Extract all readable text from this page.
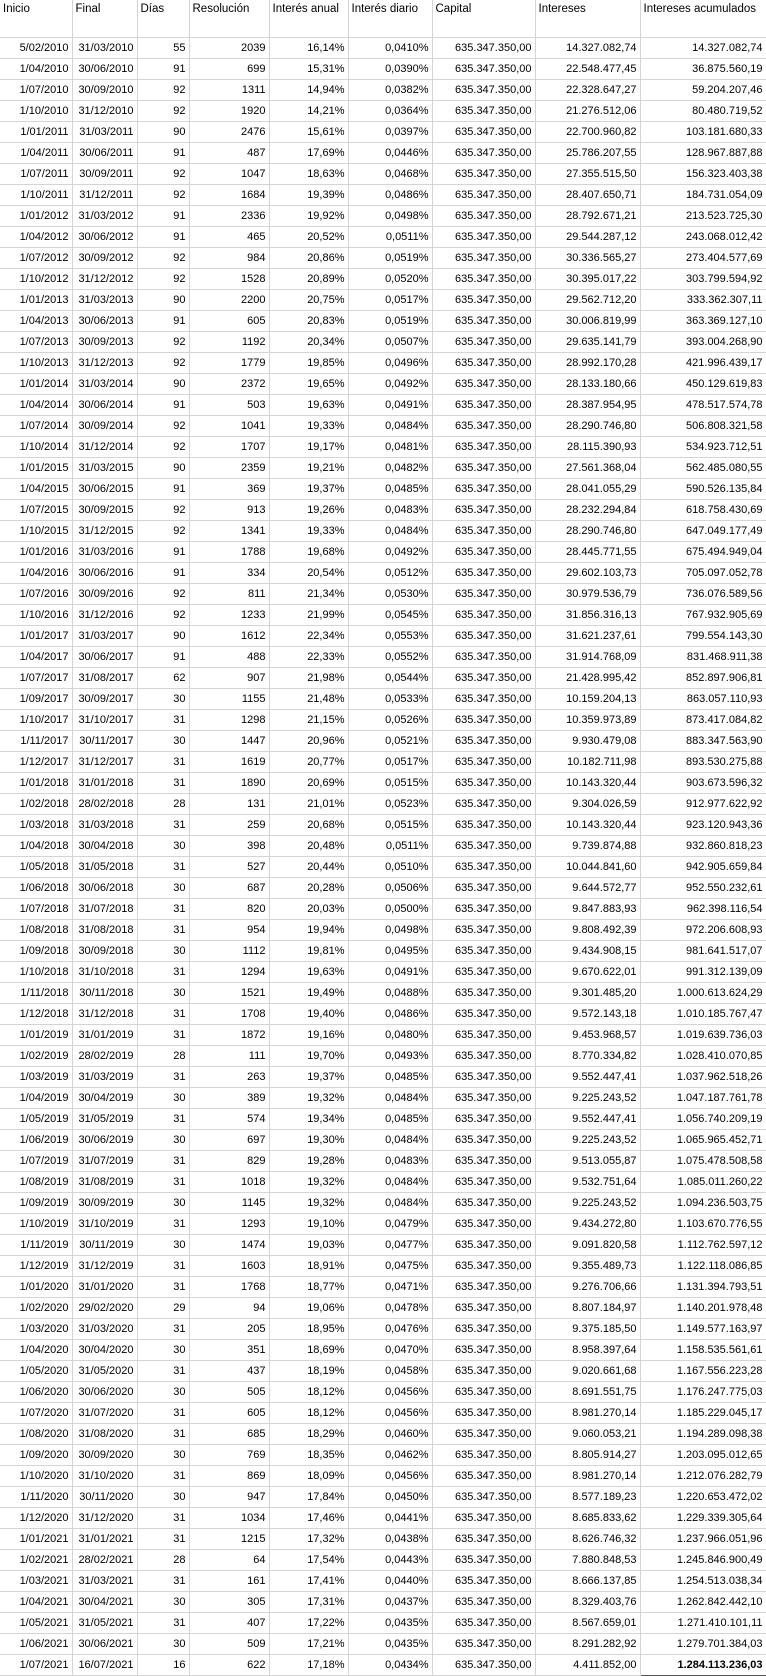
Inicio	Final	Días	Resolución	Interés anual	Interés diario	Capital	Intereses	Intereses acumulados
5/02/2010	31/03/2010	55	2039	16,14%	0,0410%	635.347.350,00	14.327.082,74	14.327.082,74
1/04/2010	30/06/2010	91	699	15,31%	0,0390%	635.347.350,00	22.548.477,45	36.875.560,19
1/07/2010	30/09/2010	92	1311	14,94%	0,0382%	635.347.350,00	22.328.647,27	59.204.207,46
1/10/2010	31/12/2010	92	1920	14,21%	0,0364%	635.347.350,00	21.276.512,06	80.480.719,52
1/01/2011	31/03/2011	90	2476	15,61%	0,0397%	635.347.350,00	22.700.960,82	103.181.680,33
1/04/2011	30/06/2011	91	487	17,69%	0,0446%	635.347.350,00	25.786.207,55	128.967.887,88
1/07/2011	30/09/2011	92	1047	18,63%	0,0468%	635.347.350,00	27.355.515,50	156.323.403,38
1/10/2011	31/12/2011	92	1684	19,39%	0,0486%	635.347.350,00	28.407.650,71	184.731.054,09
1/01/2012	31/03/2012	91	2336	19,92%	0,0498%	635.347.350,00	28.792.671,21	213.523.725,30
1/04/2012	30/06/2012	91	465	20,52%	0,0511%	635.347.350,00	29.544.287,12	243.068.012,42
1/07/2012	30/09/2012	92	984	20,86%	0,0519%	635.347.350,00	30.336.565,27	273.404.577,69
1/10/2012	31/12/2012	92	1528	20,89%	0,0520%	635.347.350,00	30.395.017,22	303.799.594,92
1/01/2013	31/03/2013	90	2200	20,75%	0,0517%	635.347.350,00	29.562.712,20	333.362.307,11
1/04/2013	30/06/2013	91	605	20,83%	0,0519%	635.347.350,00	30.006.819,99	363.369.127,10
1/07/2013	30/09/2013	92	1192	20,34%	0,0507%	635.347.350,00	29.635.141,79	393.004.268,90
1/10/2013	31/12/2013	92	1779	19,85%	0,0496%	635.347.350,00	28.992.170,28	421.996.439,17
1/01/2014	31/03/2014	90	2372	19,65%	0,0492%	635.347.350,00	28.133.180,66	450.129.619,83
1/04/2014	30/06/2014	91	503	19,63%	0,0491%	635.347.350,00	28.387.954,95	478.517.574,78
1/07/2014	30/09/2014	92	1041	19,33%	0,0484%	635.347.350,00	28.290.746,80	506.808.321,58
1/10/2014	31/12/2014	92	1707	19,17%	0,0481%	635.347.350,00	28.115.390,93	534.923.712,51
1/01/2015	31/03/2015	90	2359	19,21%	0,0482%	635.347.350,00	27.561.368,04	562.485.080,55
1/04/2015	30/06/2015	91	369	19,37%	0,0485%	635.347.350,00	28.041.055,29	590.526.135,84
1/07/2015	30/09/2015	92	913	19,26%	0,0483%	635.347.350,00	28.232.294,84	618.758.430,69
1/10/2015	31/12/2015	92	1341	19,33%	0,0484%	635.347.350,00	28.290.746,80	647.049.177,49
1/01/2016	31/03/2016	91	1788	19,68%	0,0492%	635.347.350,00	28.445.771,55	675.494.949,04
1/04/2016	30/06/2016	91	334	20,54%	0,0512%	635.347.350,00	29.602.103,73	705.097.052,78
1/07/2016	30/09/2016	92	811	21,34%	0,0530%	635.347.350,00	30.979.536,79	736.076.589,56
1/10/2016	31/12/2016	92	1233	21,99%	0,0545%	635.347.350,00	31.856.316,13	767.932.905,69
1/01/2017	31/03/2017	90	1612	22,34%	0,0553%	635.347.350,00	31.621.237,61	799.554.143,30
1/04/2017	30/06/2017	91	488	22,33%	0,0552%	635.347.350,00	31.914.768,09	831.468.911,38
1/07/2017	31/08/2017	62	907	21,98%	0,0544%	635.347.350,00	21.428.995,42	852.897.906,81
1/09/2017	30/09/2017	30	1155	21,48%	0,0533%	635.347.350,00	10.159.204,13	863.057.110,93
1/10/2017	31/10/2017	31	1298	21,15%	0,0526%	635.347.350,00	10.359.973,89	873.417.084,82
1/11/2017	30/11/2017	30	1447	20,96%	0,0521%	635.347.350,00	9.930.479,08	883.347.563,90
1/12/2017	31/12/2017	31	1619	20,77%	0,0517%	635.347.350,00	10.182.711,98	893.530.275,88
1/01/2018	31/01/2018	31	1890	20,69%	0,0515%	635.347.350,00	10.143.320,44	903.673.596,32
1/02/2018	28/02/2018	28	131	21,01%	0,0523%	635.347.350,00	9.304.026,59	912.977.622,92
1/03/2018	31/03/2018	31	259	20,68%	0,0515%	635.347.350,00	10.143.320,44	923.120.943,36
1/04/2018	30/04/2018	30	398	20,48%	0,0511%	635.347.350,00	9.739.874,88	932.860.818,23
1/05/2018	31/05/2018	31	527	20,44%	0,0510%	635.347.350,00	10.044.841,60	942.905.659,84
1/06/2018	30/06/2018	30	687	20,28%	0,0506%	635.347.350,00	9.644.572,77	952.550.232,61
1/07/2018	31/07/2018	31	820	20,03%	0,0500%	635.347.350,00	9.847.883,93	962.398.116,54
1/08/2018	31/08/2018	31	954	19,94%	0,0498%	635.347.350,00	9.808.492,39	972.206.608,93
1/09/2018	30/09/2018	30	1112	19,81%	0,0495%	635.347.350,00	9.434.908,15	981.641.517,07
1/10/2018	31/10/2018	31	1294	19,63%	0,0491%	635.347.350,00	9.670.622,01	991.312.139,09
1/11/2018	30/11/2018	30	1521	19,49%	0,0488%	635.347.350,00	9.301.485,20	1.000.613.624,29
1/12/2018	31/12/2018	31	1708	19,40%	0,0486%	635.347.350,00	9.572.143,18	1.010.185.767,47
1/01/2019	31/01/2019	31	1872	19,16%	0,0480%	635.347.350,00	9.453.968,57	1.019.639.736,03
1/02/2019	28/02/2019	28	111	19,70%	0,0493%	635.347.350,00	8.770.334,82	1.028.410.070,85
1/03/2019	31/03/2019	31	263	19,37%	0,0485%	635.347.350,00	9.552.447,41	1.037.962.518,26
1/04/2019	30/04/2019	30	389	19,32%	0,0484%	635.347.350,00	9.225.243,52	1.047.187.761,78
1/05/2019	31/05/2019	31	574	19,34%	0,0485%	635.347.350,00	9.552.447,41	1.056.740.209,19
1/06/2019	30/06/2019	30	697	19,30%	0,0484%	635.347.350,00	9.225.243,52	1.065.965.452,71
1/07/2019	31/07/2019	31	829	19,28%	0,0483%	635.347.350,00	9.513.055,87	1.075.478.508,58
1/08/2019	31/08/2019	31	1018	19,32%	0,0484%	635.347.350,00	9.532.751,64	1.085.011.260,22
1/09/2019	30/09/2019	30	1145	19,32%	0,0484%	635.347.350,00	9.225.243,52	1.094.236.503,75
1/10/2019	31/10/2019	31	1293	19,10%	0,0479%	635.347.350,00	9.434.272,80	1.103.670.776,55
1/11/2019	30/11/2019	30	1474	19,03%	0,0477%	635.347.350,00	9.091.820,58	1.112.762.597,12
1/12/2019	31/12/2019	31	1603	18,91%	0,0475%	635.347.350,00	9.355.489,73	1.122.118.086,85
1/01/2020	31/01/2020	31	1768	18,77%	0,0471%	635.347.350,00	9.276.706,66	1.131.394.793,51
1/02/2020	29/02/2020	29	94	19,06%	0,0478%	635.347.350,00	8.807.184,97	1.140.201.978,48
1/03/2020	31/03/2020	31	205	18,95%	0,0476%	635.347.350,00	9.375.185,50	1.149.577.163,97
1/04/2020	30/04/2020	30	351	18,69%	0,0470%	635.347.350,00	8.958.397,64	1.158.535.561,61
1/05/2020	31/05/2020	31	437	18,19%	0,0458%	635.347.350,00	9.020.661,68	1.167.556.223,28
1/06/2020	30/06/2020	30	505	18,12%	0,0456%	635.347.350,00	8.691.551,75	1.176.247.775,03
1/07/2020	31/07/2020	31	605	18,12%	0,0456%	635.347.350,00	8.981.270,14	1.185.229.045,17
1/08/2020	31/08/2020	31	685	18,29%	0,0460%	635.347.350,00	9.060.053,21	1.194.289.098,38
1/09/2020	30/09/2020	30	769	18,35%	0,0462%	635.347.350,00	8.805.914,27	1.203.095.012,65
1/10/2020	31/10/2020	31	869	18,09%	0,0456%	635.347.350,00	8.981.270,14	1.212.076.282,79
1/11/2020	30/11/2020	30	947	17,84%	0,0450%	635.347.350,00	8.577.189,23	1.220.653.472,02
1/12/2020	31/12/2020	31	1034	17,46%	0,0441%	635.347.350,00	8.685.833,62	1.229.339.305,64
1/01/2021	31/01/2021	31	1215	17,32%	0,0438%	635.347.350,00	8.626.746,32	1.237.966.051,96
1/02/2021	28/02/2021	28	64	17,54%	0,0443%	635.347.350,00	7.880.848,53	1.245.846.900,49
1/03/2021	31/03/2021	31	161	17,41%	0,0440%	635.347.350,00	8.666.137,85	1.254.513.038,34
1/04/2021	30/04/2021	30	305	17,31%	0,0437%	635.347.350,00	8.329.403,76	1.262.842.442,10
1/05/2021	31/05/2021	31	407	17,22%	0,0435%	635.347.350,00	8.567.659,01	1.271.410.101,11
1/06/2021	30/06/2021	30	509	17,21%	0,0435%	635.347.350,00	8.291.282,92	1.279.701.384,03
1/07/2021	16/07/2021	16	622	17,18%	0,0434%	635.347.350,00	4.411.852,00	1.284.113.236,03
